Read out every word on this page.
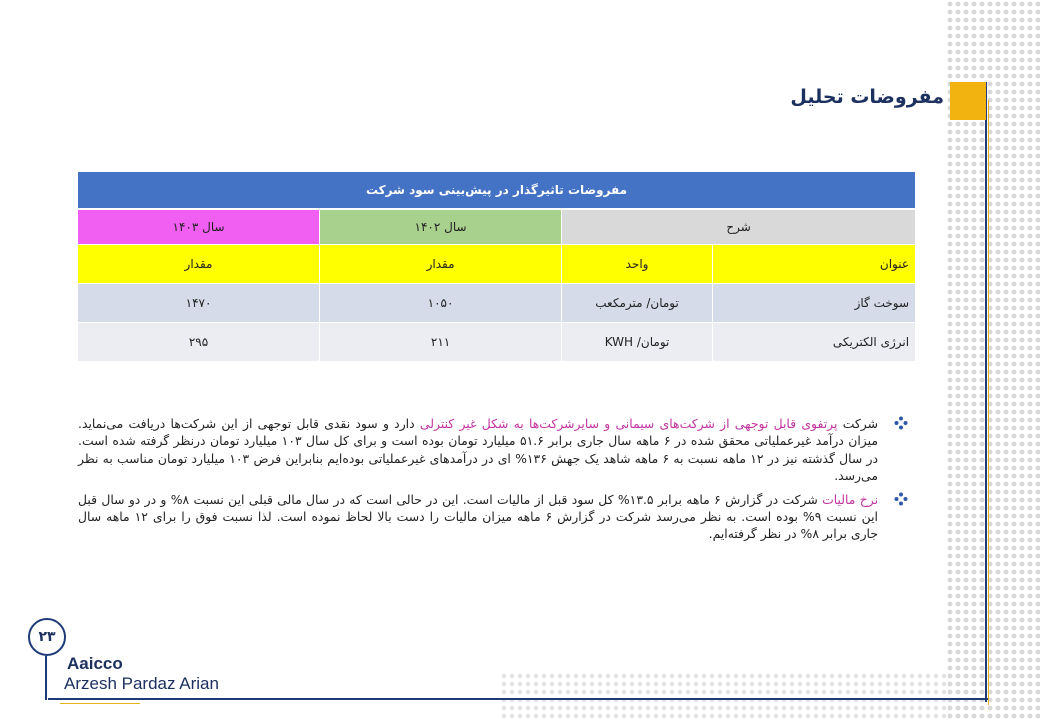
مفروضات تحلیل
مفروضات تاثیرگذار در پیش‌بینی سود شرکت			
شرح		سال ۱۴۰۲	سال ۱۴۰۳
عنوان	واحد	مقدار	مقدار
سوخت گاز	تومان/ مترمکعب	۱۰۵۰	۱۴۷۰
انرژی الکتریکی	تومان/ KWH	۲۱۱	۲۹۵
شرکت پرتفوی قابل توجهی از شرکت‌های سیمانی و سایرشرکت‌ها به شکل غیر کنترلی دارد و سود نقدی قابل توجهی از این شرکت‌ها دریافت می‌نماید. میزان درآمد غیرعملیاتی محقق شده در ۶ ماهه سال جاری برابر ۵۱.۶ میلیارد تومان بوده است و برای کل سال ۱۰۳ میلیارد تومان درنظر گرفته شده است. در سال گذشته نیز در ۱۲ ماهه نسبت به ۶ ماهه شاهد یک جهش ۱۳۶% ای در درآمدهای غیرعملیاتی بوده‌ایم بنابراین فرض ۱۰۳ میلیارد تومان مناسب به نظر می‌رسد.
نرخ مالیات شرکت در گزارش ۶ ماهه برابر ۱۳.۵% کل سود قبل از مالیات است. این در حالی است که در سال مالی قبلی این نسبت ۸% و در دو سال قبل این نسبت ۹% بوده است. به نظر می‌رسد شرکت در گزارش ۶ ماهه میزان مالیات را دست بالا لحاظ نموده است. لذا نسبت فوق را برای ۱۲ ماهه سال جاری برابر ۸% در نظر گرفته‌ایم.
۲۳
Aaicco
Arzesh Pardaz Arian
